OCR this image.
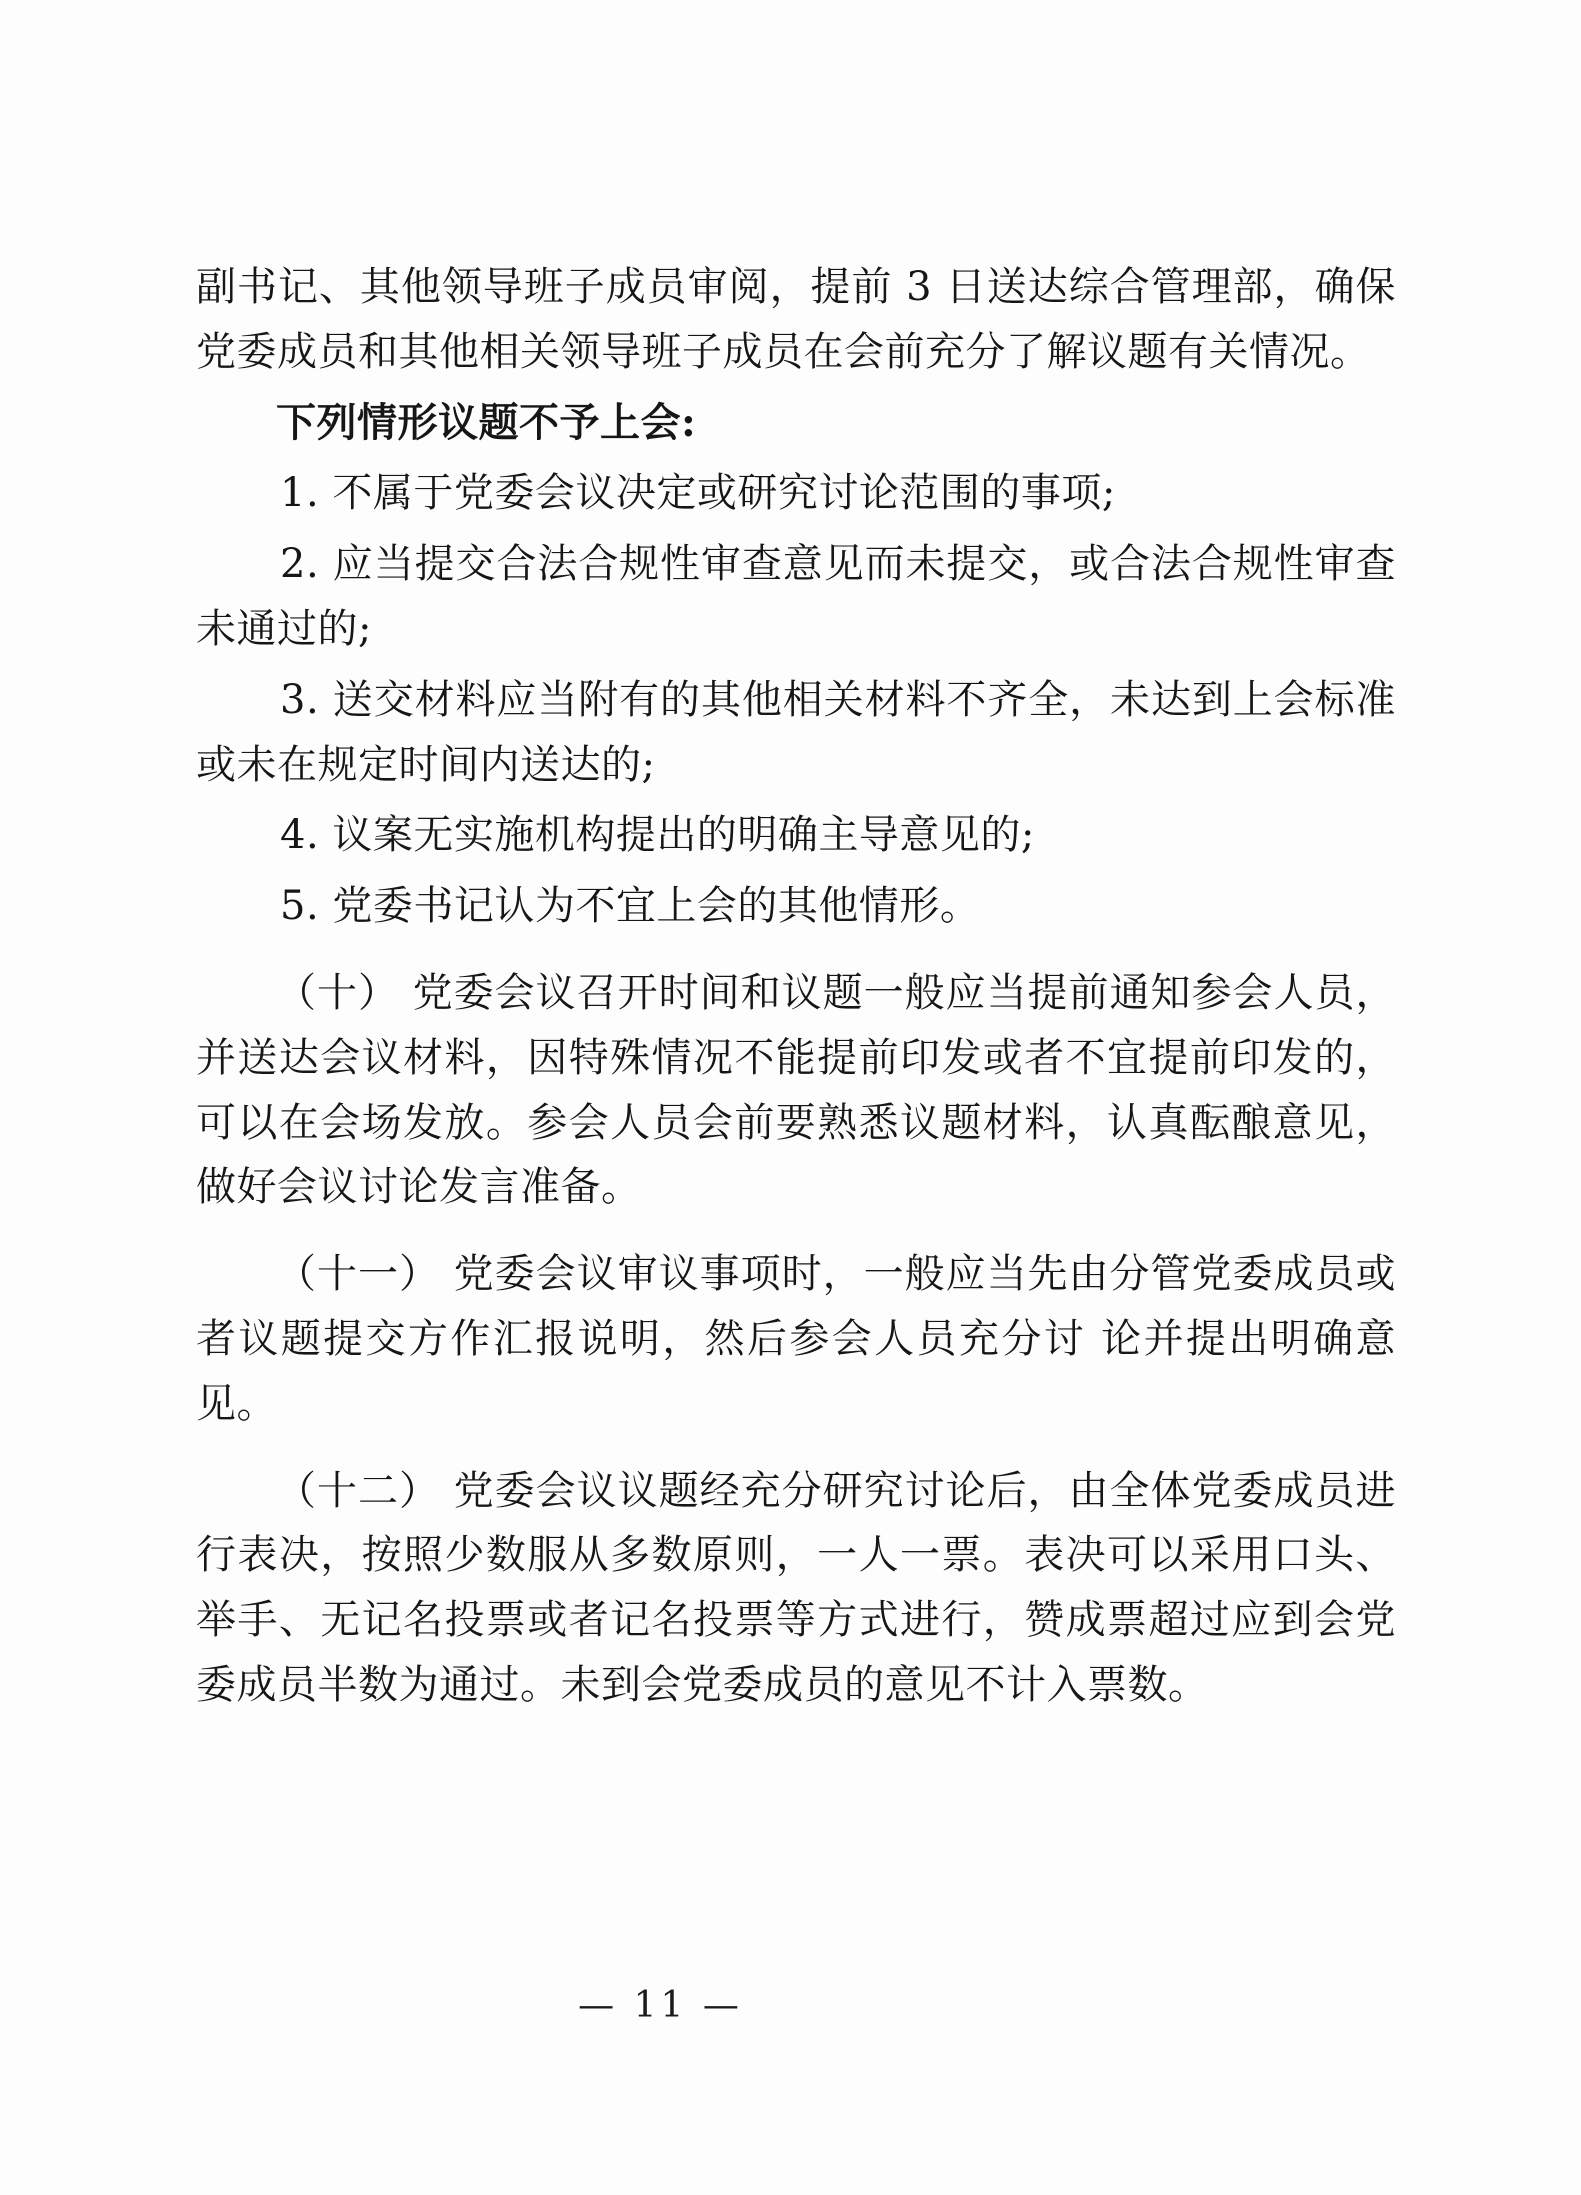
副书记、其他领导班子成员审阅，提前 3 日送达综合管理部，确保党委成员和其他相关领导班子成员在会前充分了解议题有关情况。

下列情形议题不予上会:

1. 不属于党委会议决定或研究讨论范围的事项;

2. 应当提交合法合规性审查意见而未提交，或合法合规性审查未通过的;

3. 送交材料应当附有的其他相关材料不齐全，未达到上会标准或未在规定时间内送达的;

4. 议案无实施机构提出的明确主导意见的;

5. 党委书记认为不宜上会的其他情形。

（十） 党委会议召开时间和议题一般应当提前通知参会人员，并送达会议材料，因特殊情况不能提前印发或者不宜提前印发的，可以在会场发放。参会人员会前要熟悉议题材料，认真酝酿意见，做好会议讨论发言准备。

（十一） 党委会议审议事项时，一般应当先由分管党委成员或者议题提交方作汇报说明，然后参会人员充分讨 论并提出明确意见。

（十二） 党委会议议题经充分研究讨论后，由全体党委成员进行表决，按照少数服从多数原则，一人一票。表决可以采用口头、举手、无记名投票或者记名投票等方式进行，赞成票超过应到会党委成员半数为通过。未到会党委成员的意见不计入票数。

— 11 —
